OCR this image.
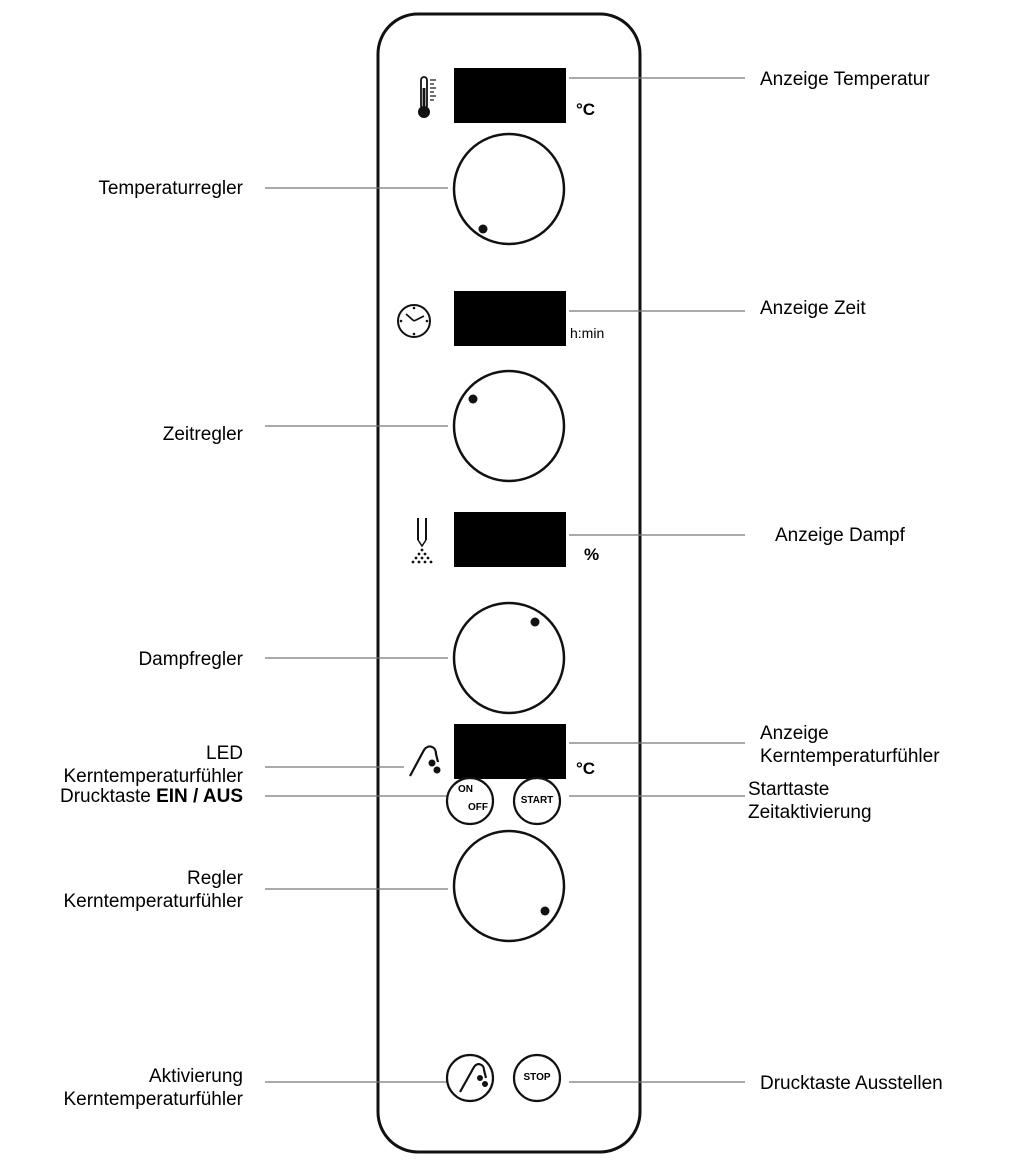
°C
h:min
%
°C
ON
OFF
START
STOP
Anzeige Temperatur
Anzeige Zeit
Anzeige Dampf
Anzeige
Kerntemperaturfühler
Starttaste
Zeitaktivierung
Drucktaste Ausstellen
Temperaturregler
Zeitregler
Dampfregler
LED
Kerntemperaturfühler
Regler
Kerntemperaturfühler
Drucktaste EIN / AUS
Aktivierung
Kerntemperaturfühler
